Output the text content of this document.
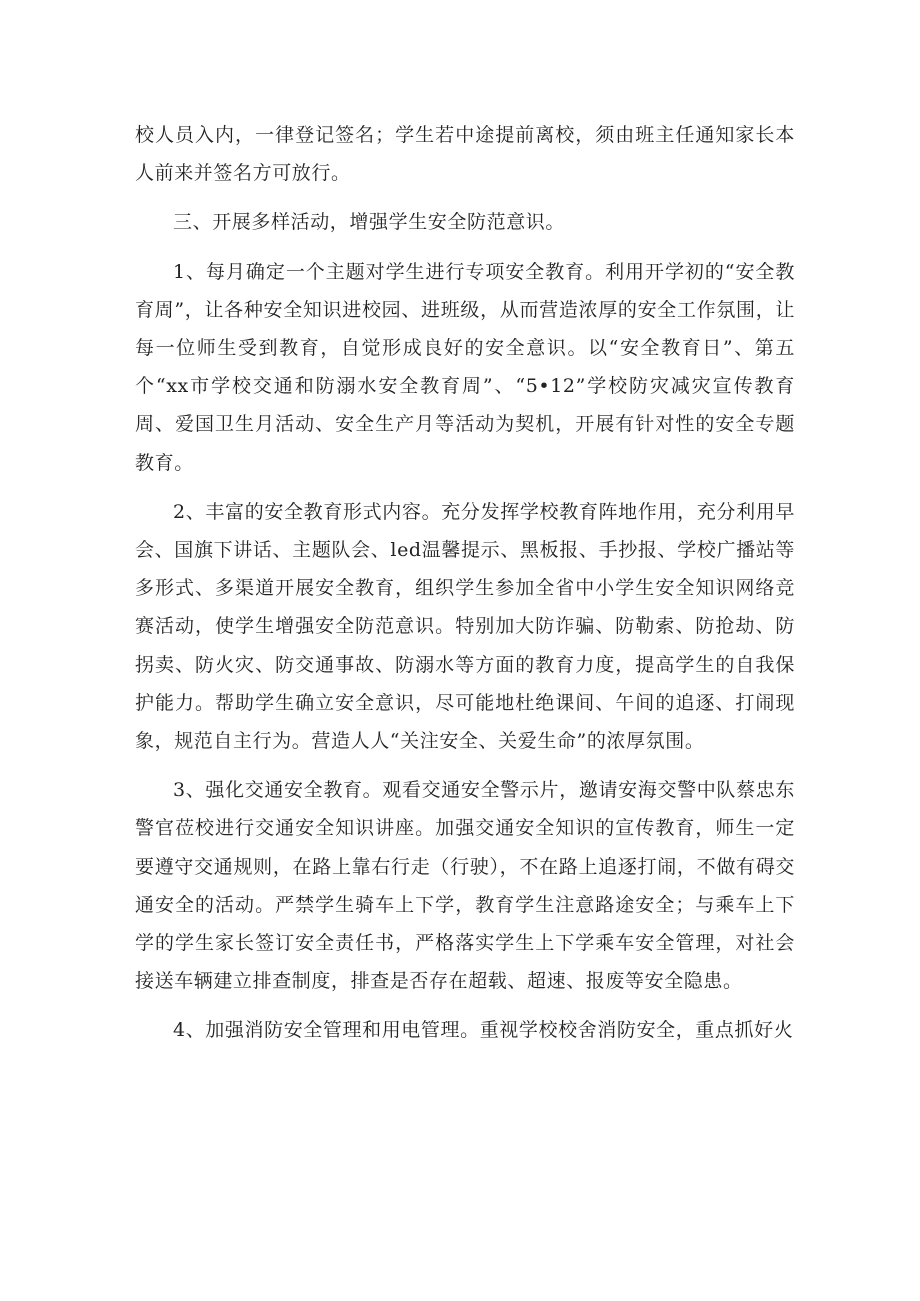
校人员入内，一律登记签名；学生若中途提前离校，须由班主任通知家长本人前来并签名方可放行。

三、开展多样活动，增强学生安全防范意识。

1、每月确定一个主题对学生进行专项安全教育。利用开学初的“安全教育周”，让各种安全知识进校园、进班级，从而营造浓厚的安全工作氛围，让每一位师生受到教育，自觉形成良好的安全意识。以“安全教育日”、第五个“xx市学校交通和防溺水安全教育周”、“5•12”学校防灾减灾宣传教育周、爱国卫生月活动、安全生产月等活动为契机，开展有针对性的安全专题教育。

2、丰富的安全教育形式内容。充分发挥学校教育阵地作用，充分利用早会、国旗下讲话、主题队会、led温馨提示、黑板报、手抄报、学校广播站等多形式、多渠道开展安全教育，组织学生参加全省中小学生安全知识网络竞赛活动，使学生增强安全防范意识。特别加大防诈骗、防勒索、防抢劫、防拐卖、防火灾、防交通事故、防溺水等方面的教育力度，提高学生的自我保护能力。帮助学生确立安全意识，尽可能地杜绝课间、午间的追逐、打闹现象，规范自主行为。营造人人“关注安全、关爱生命”的浓厚氛围。

3、强化交通安全教育。观看交通安全警示片，邀请安海交警中队蔡忠东警官莅校进行交通安全知识讲座。加强交通安全知识的宣传教育，师生一定要遵守交通规则，在路上靠右行走（行驶），不在路上追逐打闹，不做有碍交通安全的活动。严禁学生骑车上下学，教育学生注意路途安全；与乘车上下学的学生家长签订安全责任书，严格落实学生上下学乘车安全管理，对社会接送车辆建立排查制度，排查是否存在超载、超速、报废等安全隐患。

4、加强消防安全管理和用电管理。重视学校校舍消防安全，重点抓好火
